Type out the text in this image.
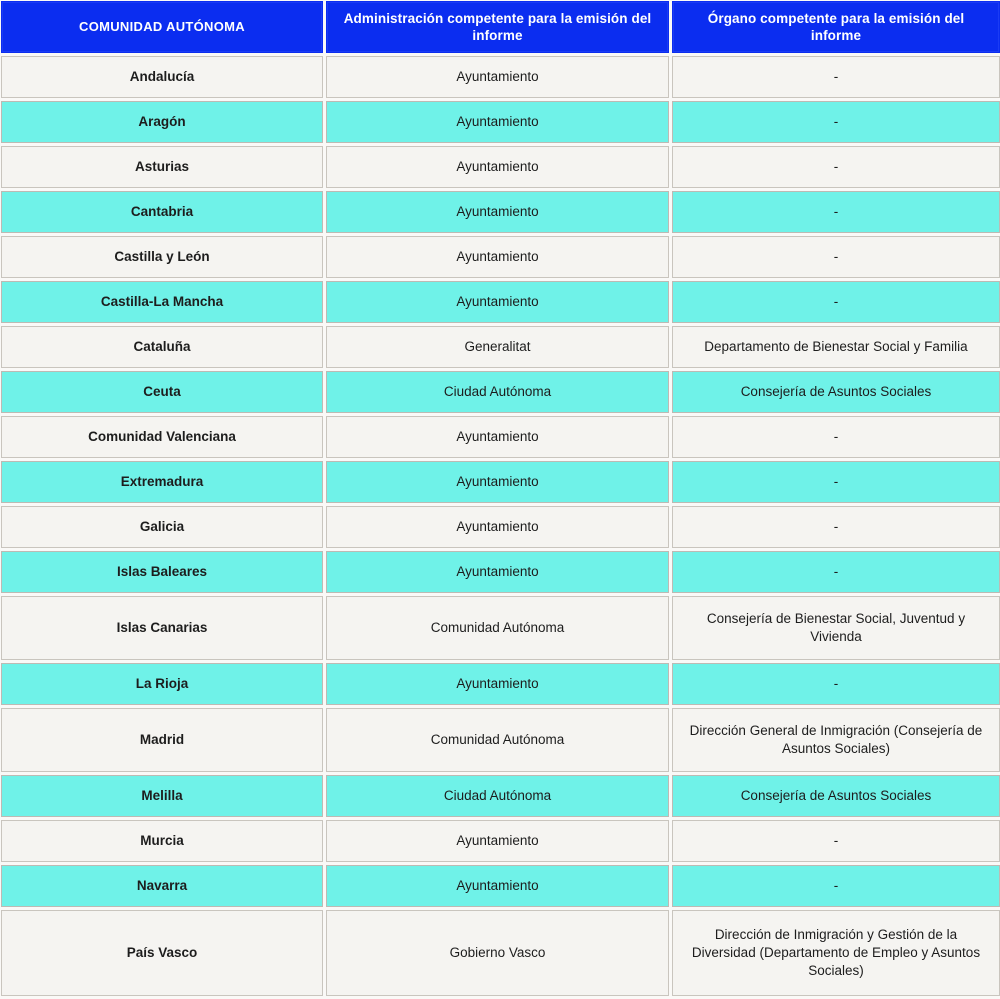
COMUNIDAD AUTÓNOMA	Administración competente para la emisión del informe	Órgano competente para la emisión del informe
Andalucía	Ayuntamiento	-
Aragón	Ayuntamiento	-
Asturias	Ayuntamiento	-
Cantabria	Ayuntamiento	-
Castilla y León	Ayuntamiento	-
Castilla-La Mancha	Ayuntamiento	-
Cataluña	Generalitat	Departamento de Bienestar Social y Familia
Ceuta	Ciudad Autónoma	Consejería de Asuntos Sociales
Comunidad Valenciana	Ayuntamiento	-
Extremadura	Ayuntamiento	-
Galicia	Ayuntamiento	-
Islas Baleares	Ayuntamiento	-
Islas Canarias	Comunidad Autónoma	Consejería de Bienestar Social, Juventud y Vivienda
La Rioja	Ayuntamiento	-
Madrid	Comunidad Autónoma	Dirección General de Inmigración (Consejería de Asuntos Sociales)
Melilla	Ciudad Autónoma	Consejería de Asuntos Sociales
Murcia	Ayuntamiento	-
Navarra	Ayuntamiento	-
País Vasco	Gobierno Vasco	Dirección de Inmigración y Gestión de la Diversidad (Departamento de Empleo y Asuntos Sociales)
